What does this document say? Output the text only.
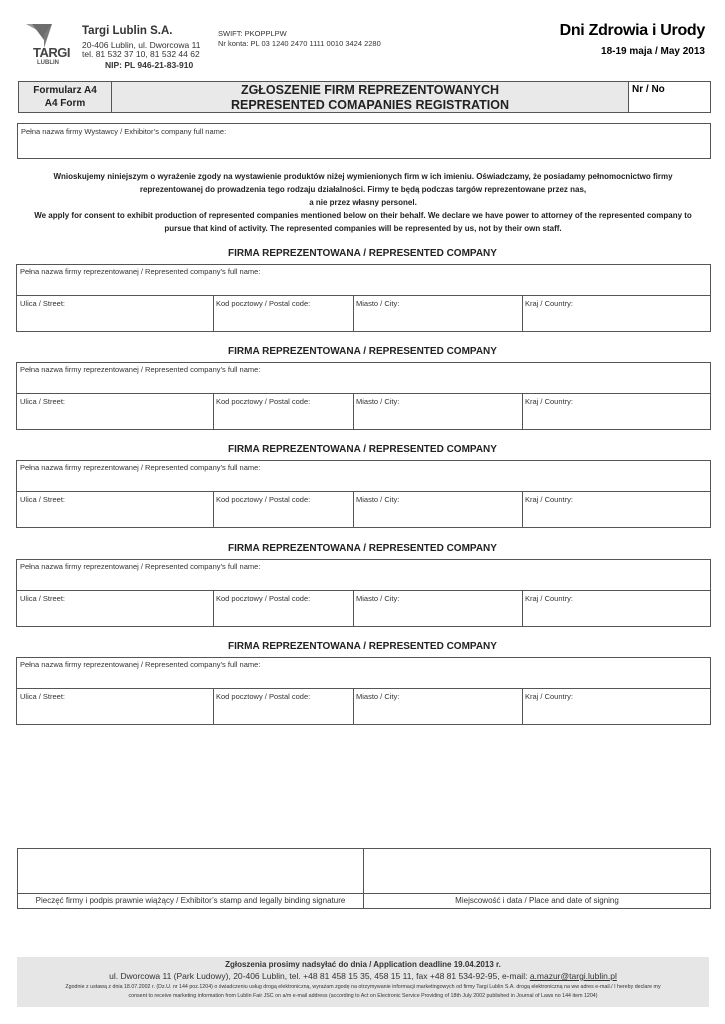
TARGI
LUBLIN
Targi Lublin S.A.
20-406 Lublin, ul. Dworcowa 11
tel. 81 532 37 10, 81 532 44 62
NIP: PL 946-21-83-910
SWIFT: PKOPPLPW
Nr konta: PL 03 1240 2470 1111 0010 3424 2280
Dni Zdrowia i Urody
18-19 maja / May 2013
Formularz A4
A4 Form
ZGŁOSZENIE FIRM REPREZENTOWANYCH
REPRESENTED COMAPANIES REGISTRATION
Nr / No
Pełna nazwa firmy Wystawcy / Exhibitor’s company full name:
Wnioskujemy niniejszym o wyrażenie zgody na wystawienie produktów niżej wymienionych firm w ich imieniu. Oświadczamy, że posiadamy pełnomocnictwo firmy
reprezentowanej do prowadzenia tego rodzaju działalności. Firmy te będą podczas targów reprezentowane przez nas,
a nie przez własny personel.
We apply for consent to exhibit production of represented companies mentioned below on their behalf. We declare we have power to attorney of the represented company to
pursue that kind of activity. The represented companies will be represented by us, not by their own staff.
FIRMA REPREZENTOWANA / REPRESENTED COMPANY
Pełna nazwa firmy reprezentowanej / Represented company’s full name:
Ulica / Street:	Kod pocztowy / Postal code:	Miasto / City:	Kraj / Country:
FIRMA REPREZENTOWANA / REPRESENTED COMPANY
Pełna nazwa firmy reprezentowanej / Represented company’s full name:
Ulica / Street:	Kod pocztowy / Postal code:	Miasto / City:	Kraj / Country:
FIRMA REPREZENTOWANA / REPRESENTED COMPANY
Pełna nazwa firmy reprezentowanej / Represented company’s full name:
Ulica / Street:	Kod pocztowy / Postal code:	Miasto / City:	Kraj / Country:
FIRMA REPREZENTOWANA / REPRESENTED COMPANY
Pełna nazwa firmy reprezentowanej / Represented company’s full name:
Ulica / Street:	Kod pocztowy / Postal code:	Miasto / City:	Kraj / Country:
FIRMA REPREZENTOWANA / REPRESENTED COMPANY
Pełna nazwa firmy reprezentowanej / Represented company’s full name:
Ulica / Street:	Kod pocztowy / Postal code:	Miasto / City:	Kraj / Country:
Pieczęć firmy i podpis prawnie wiążący / Exhibitor’s stamp and legally binding signature	Miejscowość i data / Place and date of signing
Zgłoszenia prosimy nadsyłać do dnia / Application deadline 19.04.2013 r.
ul. Dworcowa 11 (Park Ludowy), 20-406 Lublin, tel. +48 81 458 15 35, 458 15 11, fax +48 81 534-92-95, e-mail: a.mazur@targi.lublin.pl
Zgodnie z ustawą z dnia 18.07.2002 r. (Dz.U. nr 144 poz.1204) o świadczeniu usług drogą elektroniczną, wyrażam zgodę na otrzymywanie informacji marketingowych od firmy Targi Lublin S.A. drogą elektroniczną na ww adres e-mail./ I hereby declare my
consent to receive marketing information from Lublin Fair JSC on a/m e-mail address (according to Act on Electronic Service Providing of 18th July 2002 published in Journal of Laws no 144 item 1204)
